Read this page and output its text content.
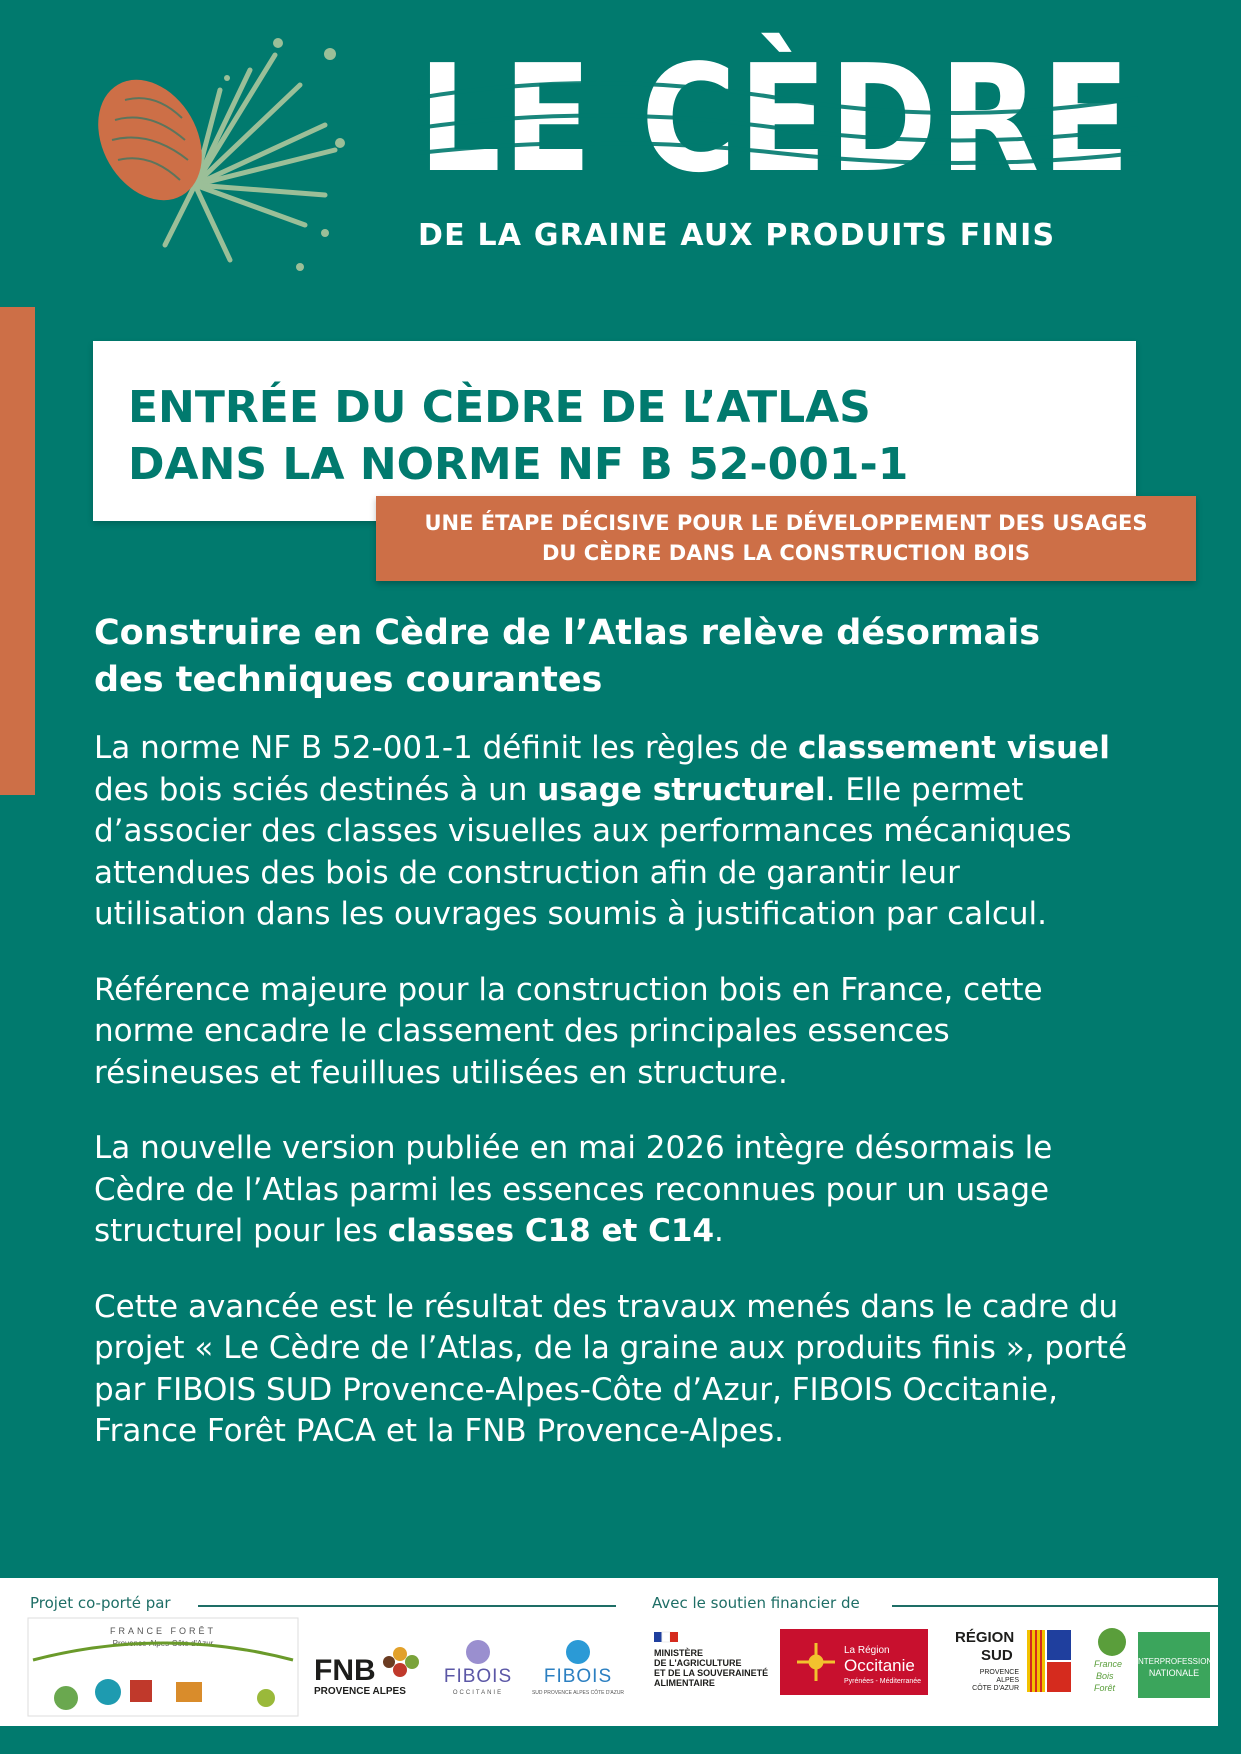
LE CÈDRE
DE LA GRAINE AUX PRODUITS FINIS
ENTRÉE DU CÈDRE DE L’ATLAS
DANS LA NORME NF B 52-001-1
UNE ÉTAPE DÉCISIVE POUR LE DÉVELOPPEMENT DES USAGES
DU CÈDRE DANS LA CONSTRUCTION BOIS
Construire en Cèdre de l’Atlas relève désormais
des techniques courantes

La norme NF B 52-001-1 définit les règles de classement visuel
des bois sciés destinés à un usage structurel. Elle permet
d’associer des classes visuelles aux performances mécaniques
attendues des bois de construction afin de garantir leur
utilisation dans les ouvrages soumis à justification par calcul.

Référence majeure pour la construction bois en France, cette
norme encadre le classement des principales essences
résineuses et feuillues utilisées en structure.

La nouvelle version publiée en mai 2026 intègre désormais le
Cèdre de l’Atlas parmi les essences reconnues pour un usage
structurel pour les classes C18 et C14.

Cette avancée est le résultat des travaux menés dans le cadre du
projet « Le Cèdre de l’Atlas, de la graine aux produits finis », porté
par FIBOIS SUD Provence-Alpes-Côte d’Azur, FIBOIS Occitanie,
France Forêt PACA et la FNB Provence-Alpes.

Projet co-porté par	Avec le soutien financier de
FRANCE FORÊT
Provence-Alpes-Côte d'Azur
FNB
PROVENCE ALPES
FIBOIS
OCCITANIE
FIBOIS
SUD PROVENCE ALPES CÔTE D'AZUR
MINISTÈRE
DE L'AGRICULTURE
ET DE LA SOUVERAINETÉ
ALIMENTAIRE
La Région
Occitanie
Pyrénées - Méditerranée
RÉGION
SUD
PROVENCE
ALPES
CÔTE D'AZUR
France
Bois
Forêt
INTERPROFESSION
NATIONALE
